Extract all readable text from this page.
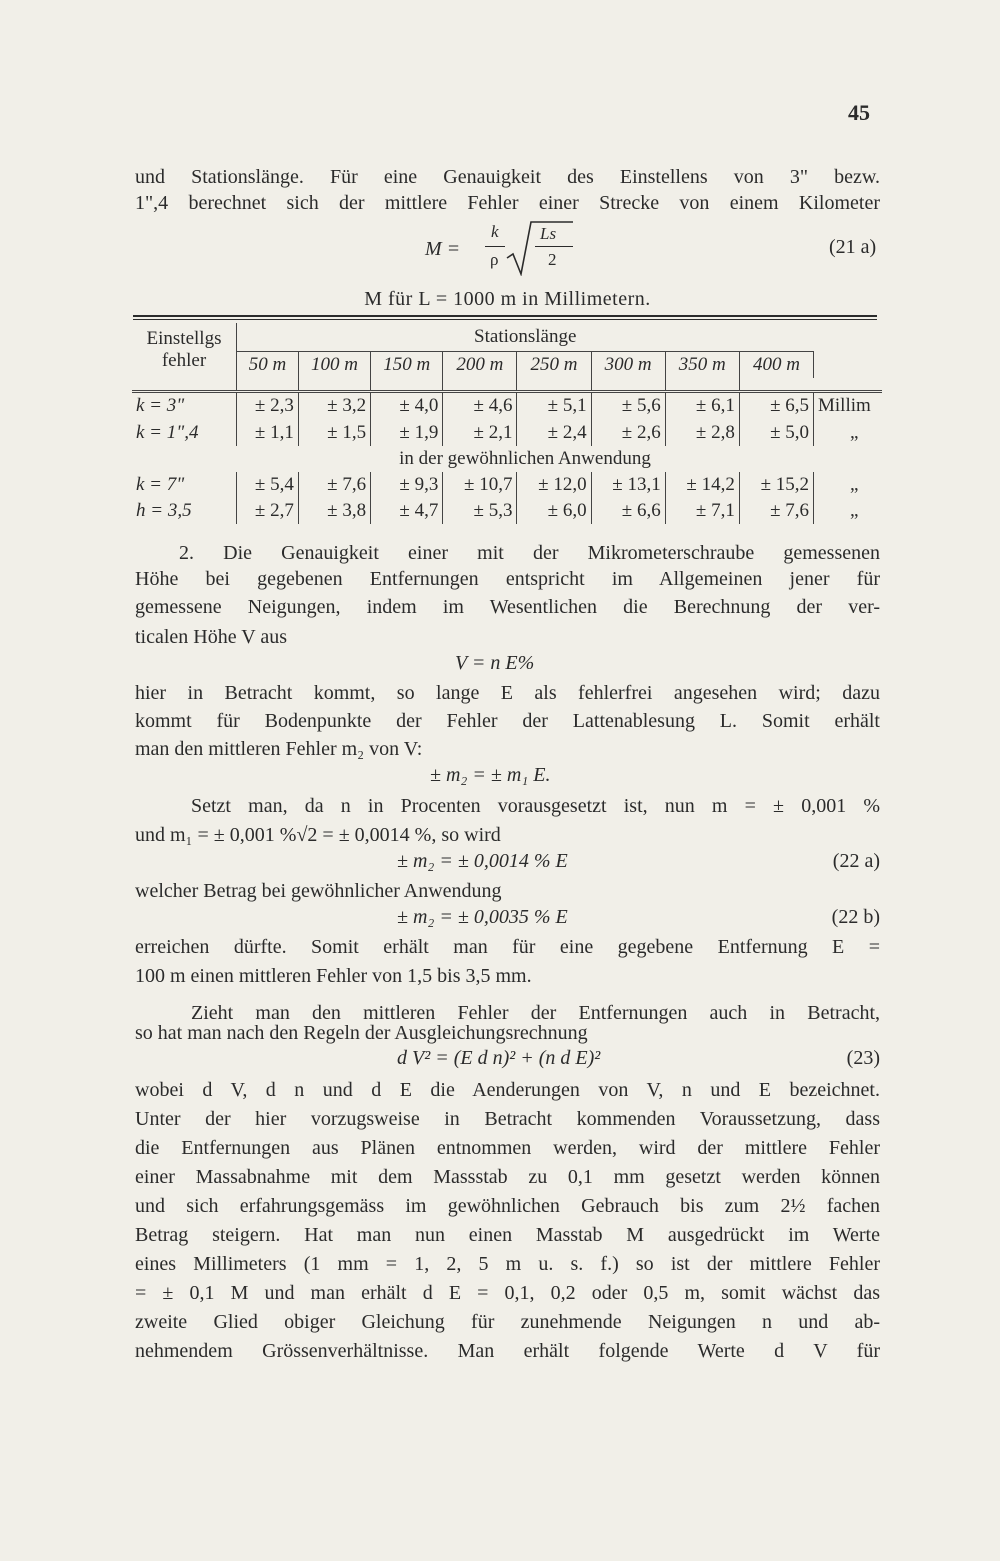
45
und Stationslänge. Für eine Genauigkeit des Einstellens von 3" bezw.
1",4 berechnet sich der mittlere Fehler einer Strecke von einem Kilometer
M =
k
ρ
Ls
2
(21 a)
M für L = 1000 m in Millimetern.
Einstellgs
fehler	Stationslänge								
	50 m	100 m	150 m	200 m	250 m	300 m	350 m	400 m	

k = 3"	± 2,3	± 3,2	± 4,0	± 4,6	± 5,1	± 5,6	± 6,1	± 6,5	Millim
k = 1",4	± 1,1	± 1,5	± 1,9	± 2,1	± 2,4	± 2,6	± 2,8	± 5,0	„
	in der gewöhnlichen Anwendung								
k = 7"	± 5,4	± 7,6	± 9,3	± 10,7	± 12,0	± 13,1	± 14,2	± 15,2	„
h = 3,5	± 2,7	± 3,8	± 4,7	± 5,3	± 6,0	± 6,6	± 7,1	± 7,6	„
2. Die Genauigkeit einer mit der Mikrometerschraube gemessenen
Höhe bei gegebenen Entfernungen entspricht im Allgemeinen jener für
gemessene Neigungen, indem im Wesentlichen die Berechnung der ver-
ticalen Höhe V aus
V = n E%
hier in Betracht kommt, so lange E als fehlerfrei angesehen wird; dazu
kommt für Bodenpunkte der Fehler der Lattenablesung L. Somit erhält
man den mittleren Fehler m₂ von V:
± m₂ = ± m₁ E.
Setzt man, da n in Procenten vorausgesetzt ist, nun m = ± 0,001 %
und m₁ = ± 0,001 %√2 = ± 0,0014 %, so wird
± m₂ = ± 0,0014 % E	(22 a)
welcher Betrag bei gewöhnlicher Anwendung
± m₂ = ± 0,0035 % E	(22 b)
erreichen dürfte. Somit erhält man für eine gegebene Entfernung E =
100 m einen mittleren Fehler von 1,5 bis 3,5 mm.
Zieht man den mittleren Fehler der Entfernungen auch in Betracht,
so hat man nach den Regeln der Ausgleichungsrechnung
d V² = (E d n)² + (n d E)²	(23)
wobei d V, d n und d E die Aenderungen von V, n und E bezeichnet.
Unter der hier vorzugsweise in Betracht kommenden Voraussetzung, dass
die Entfernungen aus Plänen entnommen werden, wird der mittlere Fehler
einer Massabnahme mit dem Massstab zu 0,1 mm gesetzt werden können
und sich erfahrungsgemäss im gewöhnlichen Gebrauch bis zum 2½ fachen
Betrag steigern. Hat man nun einen Masstab M ausgedrückt im Werte
eines Millimeters (1 mm = 1, 2, 5 m u. s. f.) so ist der mittlere Fehler
= ± 0,1 M und man erhält d E = 0,1, 0,2 oder 0,5 m, somit wächst das
zweite Glied obiger Gleichung für zunehmende Neigungen n und ab-
nehmendem Grössenverhältnisse. Man erhält folgende Werte d V für
